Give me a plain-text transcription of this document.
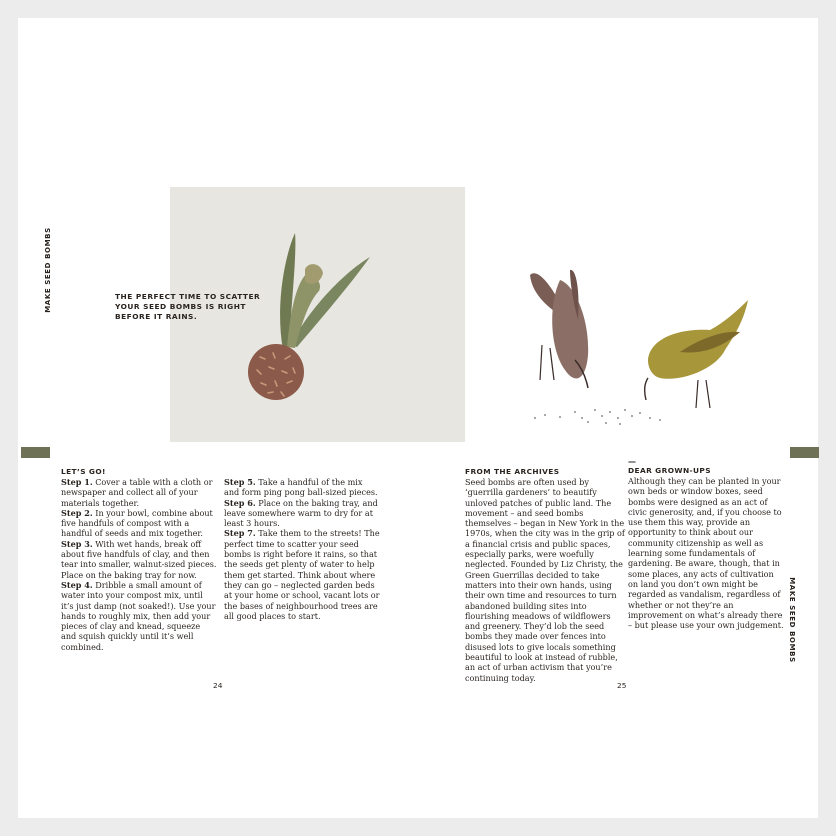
MAKE SEED BOMBS
MAKE SEED BOMBS
THE PERFECT TIME TO SCATTER YOUR SEED BOMBS IS RIGHT BEFORE IT RAINS.

LET’S GO!

Step 1. Cover a table with a cloth or newspaper and collect all of your materials together.

Step 2. In your bowl, combine about five handfuls of compost with a handful of seeds and mix together.

Step 3. With wet hands, break off about five handfuls of clay, and then tear into smaller, walnut-sized pieces. Place on the baking tray for now.

Step 4. Dribble a small amount of water into your compost mix, until it’s just damp (not soaked!). Use your hands to roughly mix, then add your pieces of clay and knead, squeeze and squish quickly until it’s well combined.

Step 5. Take a handful of the mix and form ping pong ball-sized pieces.

Step 6. Place on the baking tray, and leave somewhere warm to dry for at least 3 hours.

Step 7. Take them to the streets! The perfect time to scatter your seed bombs is right before it rains, so that the seeds get plenty of water to help them get started. Think about where they can go – neglected garden beds at your home or school, vacant lots or the bases of neighbourhood trees are all good places to start.

FROM THE ARCHIVES

Seed bombs are often used by ‘guerrilla gardeners’ to beautify unloved patches of public land. The movement – and seed bombs themselves – began in New York in the 1970s, when the city was in the grip of a financial crisis and public spaces, especially parks, were woefully neglected. Founded by Liz Christy, the Green Guerrillas decided to take matters into their own hands, using their own time and resources to turn abandoned building sites into flourishing meadows of wildflowers and greenery. They’d lob the seed bombs they made over fences into disused lots to give locals something beautiful to look at instead of rubble, an act of urban activism that you’re continuing today.

—

DEAR GROWN-UPS

Although they can be planted in your own beds or window boxes, seed bombs were designed as an act of civic generosity, and, if you choose to use them this way, provide an opportunity to think about our community citizenship as well as learning some fundamentals of gardening. Be aware, though, that in some places, any acts of cultivation on land you don’t own might be regarded as vandalism, regardless of whether or not they’re an improvement on what’s already there – but please use your own judgement.

24	25
